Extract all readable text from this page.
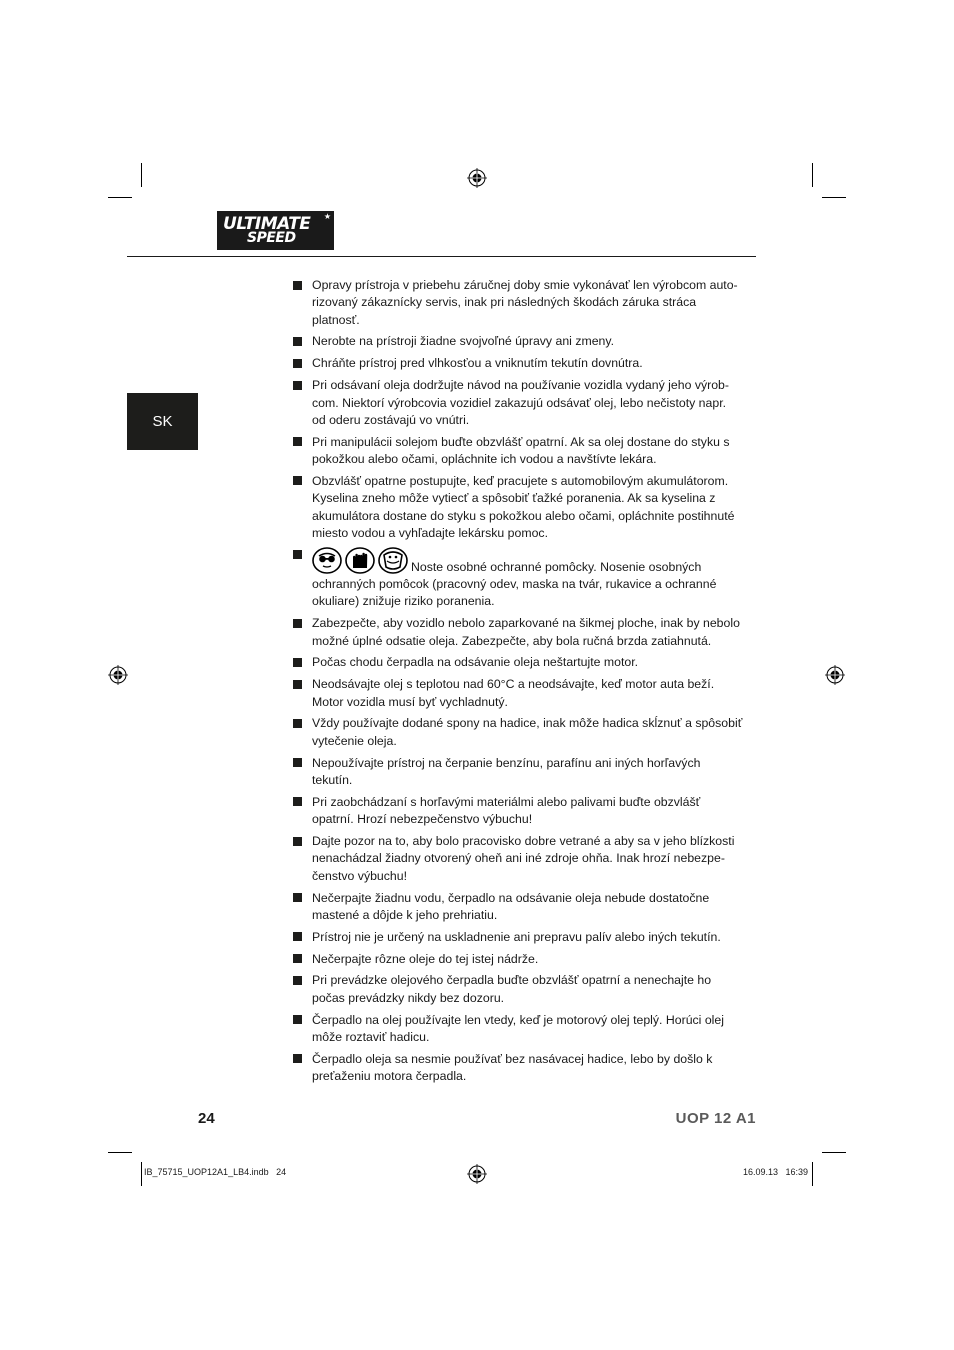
ULTIMATE
SPEED
★
SK
Opravy prístroja v priebehu záručnej doby smie vykonávať len výrobcom auto-rizovaný zákaznícky servis, inak pri následných škodách záruka stráca platnosť.
Nerobte na prístroji žiadne svojvoľné úpravy ani zmeny.
Chráňte prístroj pred vlhkosťou a vniknutím tekutín dovnútra.
Pri odsávaní oleja dodržujte návod na používanie vozidla vydaný jeho výrob-com. Niektorí výrobcovia vozidiel zakazujú odsávať olej, lebo nečistoty napr. od oderu zostávajú vo vnútri.
Pri manipulácii solejom buďte obzvlášť opatrní. Ak sa olej dostane do styku s pokožkou alebo očami, opláchnite ich vodou a navštívte lekára.
Obzvlášť opatrne postupujte, keď pracujete s automobilovým akumulátorom. Kyselina zneho môže vytiecť a spôsobiť ťažké poranenia. Ak sa kyselina z akumulátora dostane do styku s pokožkou alebo očami, opláchnite postihnuté miesto vodou a vyhľadajte lekársku pomoc.
Noste osobné ochranné pomôcky. Nosenie osobných ochranných pomôcok (pracovný odev, maska na tvár, rukavice a ochranné okuliare) znižuje riziko poranenia.
Zabezpečte, aby vozidlo nebolo zaparkované na šikmej ploche, inak by nebolo možné úplné odsatie oleja. Zabezpečte, aby bola ručná brzda zatiahnutá.
Počas chodu čerpadla na odsávanie oleja neštartujte motor.
Neodsávajte olej s teplotou nad 60°C a neodsávajte, keď motor auta beží. Motor vozidla musí byť vychladnutý.
Vždy používajte dodané spony na hadice, inak môže hadica skĺznuť a spôsobiť vytečenie oleja.
Nepoužívajte prístroj na čerpanie benzínu, parafínu ani iných horľavých tekutín.
Pri zaobchádzaní s horľavými materiálmi alebo palivami buďte obzvlášť opatrní. Hrozí nebezpečenstvo výbuchu!
Dajte pozor na to, aby bolo pracovisko dobre vetrané a aby sa v jeho blízkosti nenachádzal žiadny otvorený oheň ani iné zdroje ohňa. Inak hrozí nebezpe-čenstvo výbuchu!
Nečerpajte žiadnu vodu, čerpadlo na odsávanie oleja nebude dostatočne mastené a dôjde k jeho prehriatiu.
Prístroj nie je určený na uskladnenie ani prepravu palív alebo iných tekutín.
Nečerpajte rôzne oleje do tej istej nádrže.
Pri prevádzke olejového čerpadla buďte obzvlášť opatrní a nenechajte ho počas prevádzky nikdy bez dozoru.
Čerpadlo na olej používajte len vtedy, keď je motorový olej teplý. Horúci olej môže roztaviť hadicu.
Čerpadlo oleja sa nesmie používať bez nasávacej hadice, lebo by došlo k preťaženiu motora čerpadla.
24	UOP 12 A1
IB_75715_UOP12A1_LB4.indb   24	16.09.13   16:39
